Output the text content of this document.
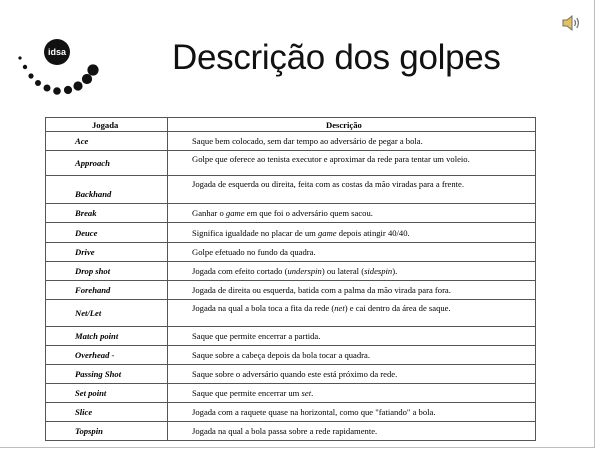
idsa	Descrição dos golpes
Jogada	Descrição
Ace	Saque bem colocado, sem dar tempo ao adversário de pegar a bola.
Approach	Golpe que oferece ao tenista executor e aproximar da rede para tentar um voleio.
Backhand	Jogada de esquerda ou direita, feita com as costas da mão viradas para a frente.
Break	Ganhar o game em que foi o adversário quem sacou.
Deuce	Significa igualdade no placar de um game depois atingir 40/40.
Drive	Golpe efetuado no fundo da quadra.
Drop shot	Jogada com efeito cortado (underspin) ou lateral (sidespin).
Forehand	Jogada de direita ou esquerda, batida com a palma da mão virada para fora.
Net/Let	Jogada na qual a bola toca a fita da rede (net) e cai dentro da área de saque.
Match point	Saque que permite encerrar a partida.
Overhead -	Saque sobre a cabeça depois da bola tocar a quadra.
Passing Shot	Saque sobre o adversário quando este está próximo da rede.
Set point	Saque que permite encerrar um set.
Slice	Jogada com a raquete quase na horizontal, como que "fatiando" a bola.
Topspin	Jogada na qual a bola passa sobre a rede rapidamente.
